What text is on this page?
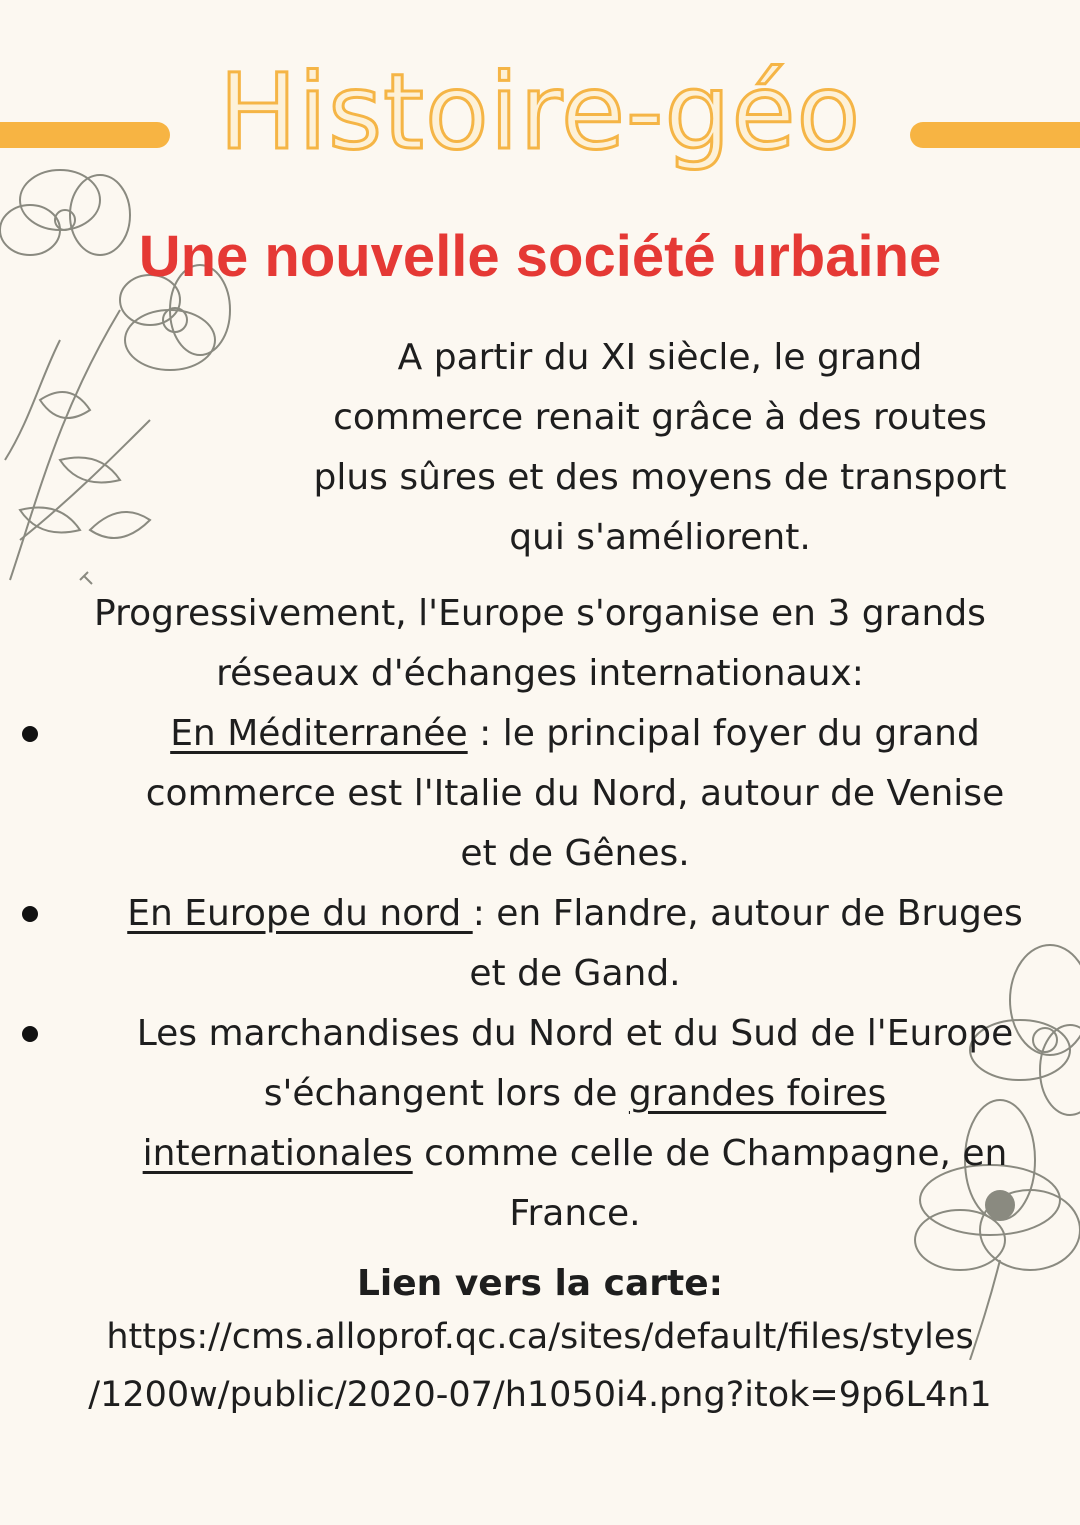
Histoire-géo
Une nouvelle société urbaine
A partir du XI siècle, le grand
commerce renait grâce à des routes
plus sûres et des moyens de transport
qui s'améliorent.
Progressivement, l'Europe s'organise en 3 grands
réseaux d'échanges internationaux:
En Méditerranée : le principal foyer du grand
commerce est l'Italie du Nord, autour de Venise
et de Gênes.
En Europe du nord : en Flandre, autour de Bruges
et de Gand.
Les marchandises du Nord et du Sud de l'Europe
s'échangent lors de grandes foires
internationales comme celle de Champagne, en
France.
Lien vers la carte:
https://cms.alloprof.qc.ca/sites/default/files/styles
/1200w/public/2020-07/h1050i4.png?itok=9p6L4n1
